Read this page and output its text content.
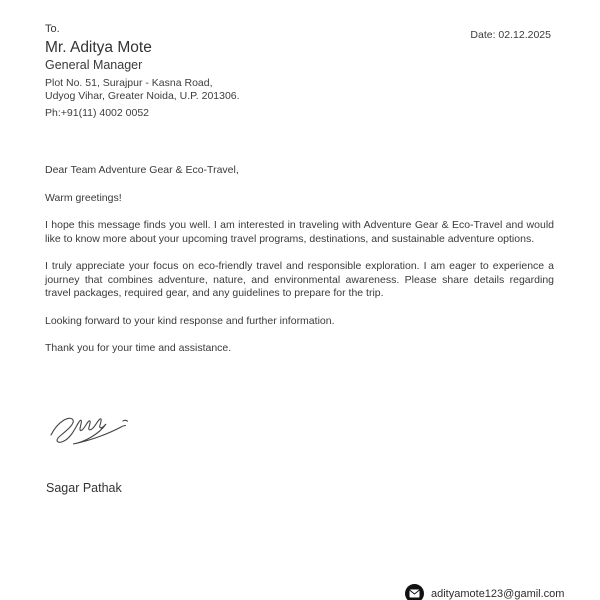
To.
Mr. Aditya Mote
General Manager
Plot No. 51, Surajpur - Kasna Road,
Udyog Vihar, Greater Noida, U.P. 201306.
Ph:+91(11) 4002 0052
Date: 02.12.2025

Dear Team Adventure Gear & Eco-Travel,

Warm greetings!

I hope this message finds you well. I am interested in traveling with Adventure Gear & Eco-Travel and would like to know more about your upcoming travel programs, destinations, and sustainable adventure options.

I truly appreciate your focus on eco-friendly travel and responsible exploration. I am eager to experience a journey that combines adventure, nature, and environmental awareness. Please share details regarding travel packages, required gear, and any guidelines to prepare for the trip.

Looking forward to your kind response and further information.

Thank you for your time and assistance.

Sagar Pathak
adityamote123@gamil.com
